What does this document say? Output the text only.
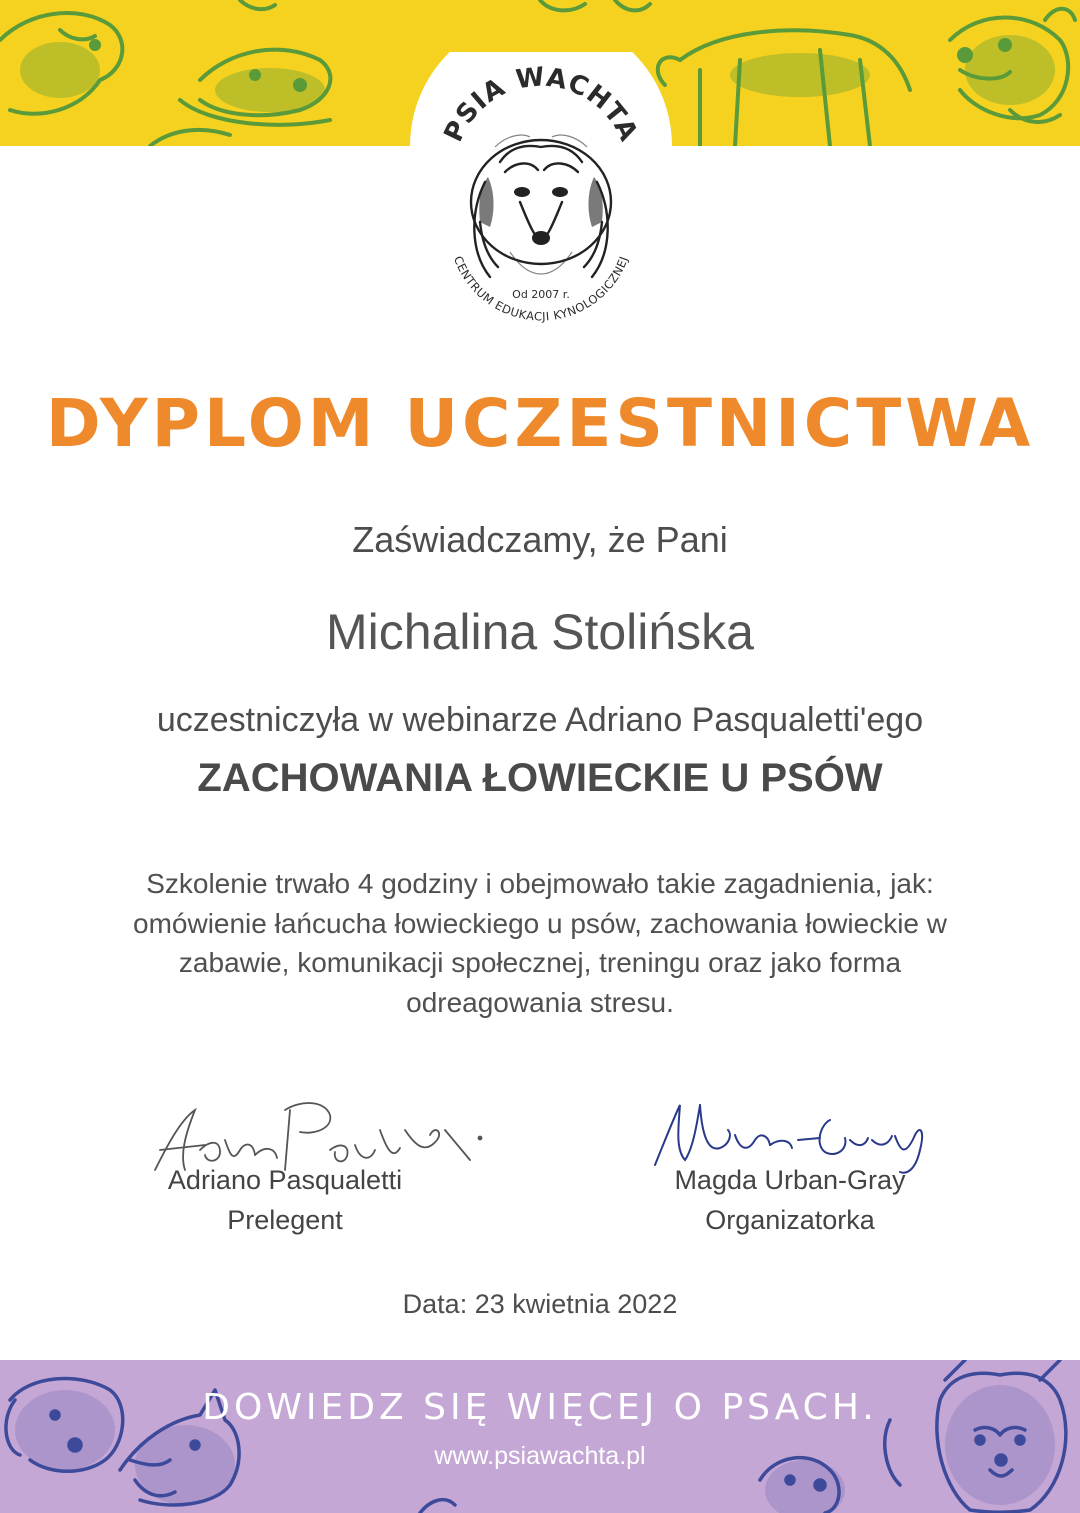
PSIA WACHTA
Od 2007 r.
CENTRUM EDUKACJI KYNOLOGICZNEJ
DYPLOM UCZESTNICTWA

Zaświadczamy, że Pani

Michalina Stolińska

uczestniczyła w webinarze Adriano Pasqualetti'ego

ZACHOWANIA ŁOWIECKIE U PSÓW

Szkolenie trwało 4 godziny i obejmowało takie zagadnienia, jak: omówienie łańcucha łowieckiego u psów, zachowania łowieckie w zabawie, komunikacji społecznej, treningu oraz jako forma odreagowania stresu.

Adriano Pasqualetti
Prelegent
Magda Urban-Gray
Organizatorka

Data: 23 kwietnia 2022

DOWIEDZ SIĘ WIĘCEJ O PSACH.

www.psiawachta.pl
